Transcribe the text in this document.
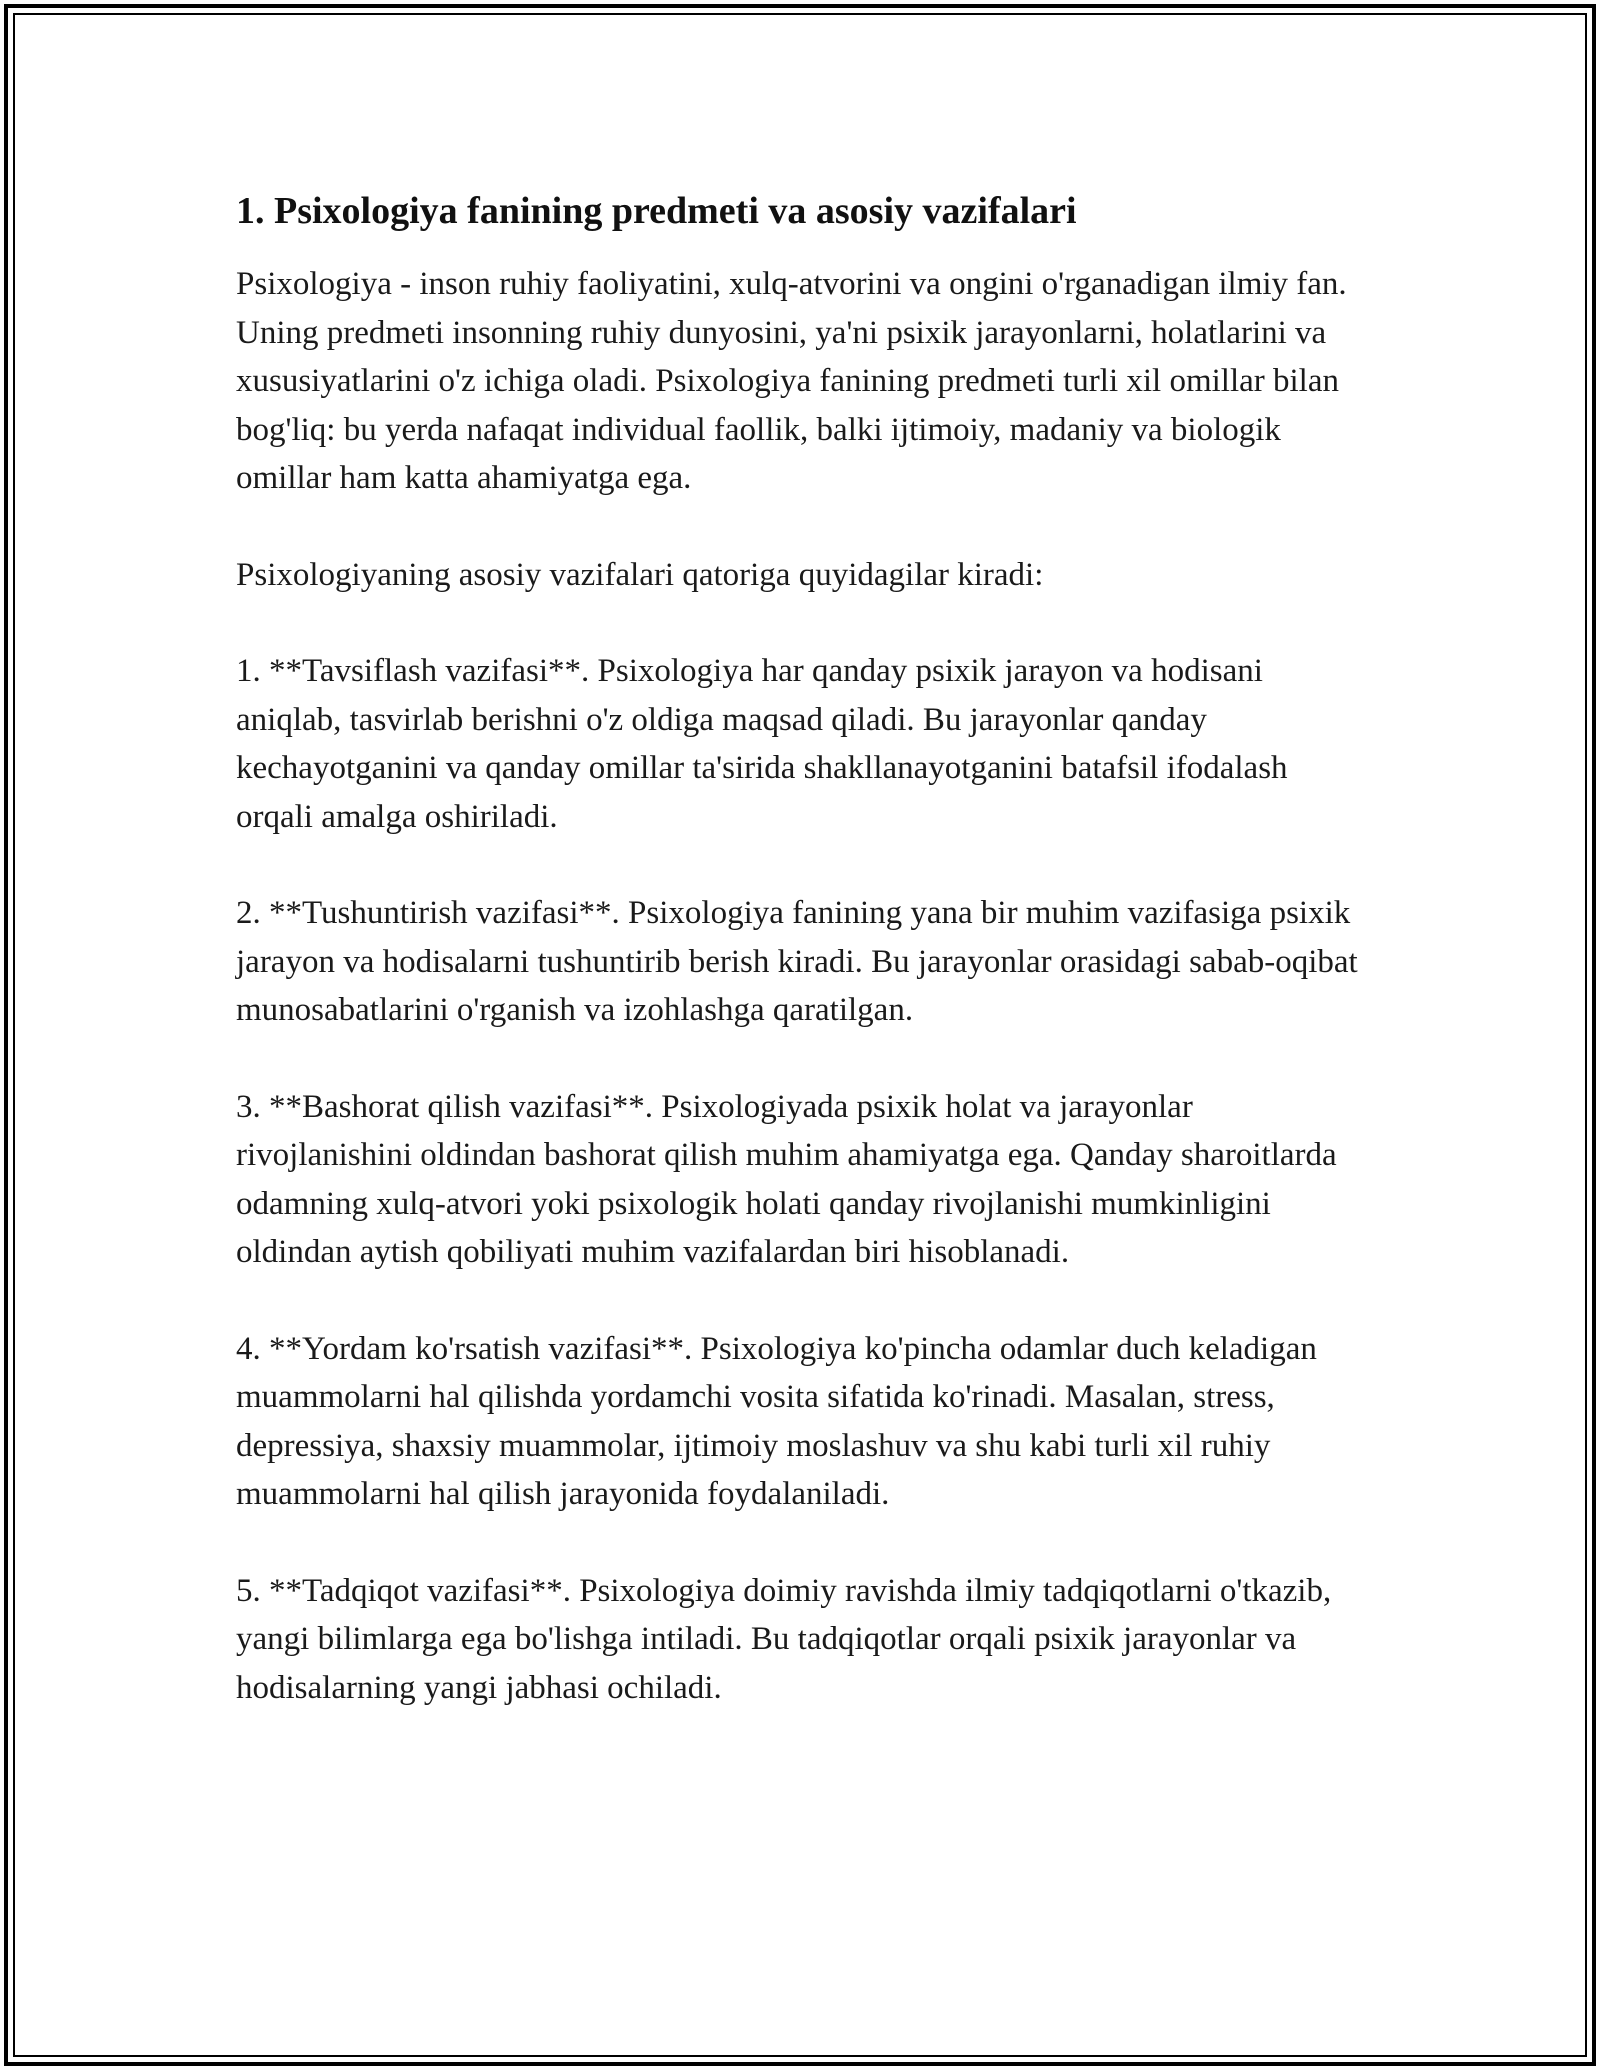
1. Psixologiya fanining predmeti va asosiy vazifalari

Psixologiya - inson ruhiy faoliyatini, xulq-atvorini va ongini o'rganadigan ilmiy fan. Uning predmeti insonning ruhiy dunyosini, ya'ni psixik jarayonlarni, holatlarini va xususiyatlarini o'z ichiga oladi. Psixologiya fanining predmeti turli xil omillar bilan bog'liq: bu yerda nafaqat individual faollik, balki ijtimoiy, madaniy va biologik omillar ham katta ahamiyatga ega.

Psixologiyaning asosiy vazifalari qatoriga quyidagilar kiradi:

1. **Tavsiflash vazifasi**. Psixologiya har qanday psixik jarayon va hodisani aniqlab, tasvirlab berishni o'z oldiga maqsad qiladi. Bu jarayonlar qanday kechayotganini va qanday omillar ta'sirida shakllanayotganini batafsil ifodalash orqali amalga oshiriladi.

2. **Tushuntirish vazifasi**. Psixologiya fanining yana bir muhim vazifasiga psixik jarayon va hodisalarni tushuntirib berish kiradi. Bu jarayonlar orasidagi sabab-oqibat munosabatlarini o'rganish va izohlashga qaratilgan.

3. **Bashorat qilish vazifasi**. Psixologiyada psixik holat va jarayonlar rivojlanishini oldindan bashorat qilish muhim ahamiyatga ega. Qanday sharoitlarda odamning xulq-atvori yoki psixologik holati qanday rivojlanishi mumkinligini oldindan aytish qobiliyati muhim vazifalardan biri hisoblanadi.

4. **Yordam ko'rsatish vazifasi**. Psixologiya ko'pincha odamlar duch keladigan muammolarni hal qilishda yordamchi vosita sifatida ko'rinadi. Masalan, stress, depressiya, shaxsiy muammolar, ijtimoiy moslashuv va shu kabi turli xil ruhiy muammolarni hal qilish jarayonida foydalaniladi.

5. **Tadqiqot vazifasi**. Psixologiya doimiy ravishda ilmiy tadqiqotlarni o'tkazib, yangi bilimlarga ega bo'lishga intiladi. Bu tadqiqotlar orqali psixik jarayonlar va hodisalarning yangi jabhasi ochiladi.
